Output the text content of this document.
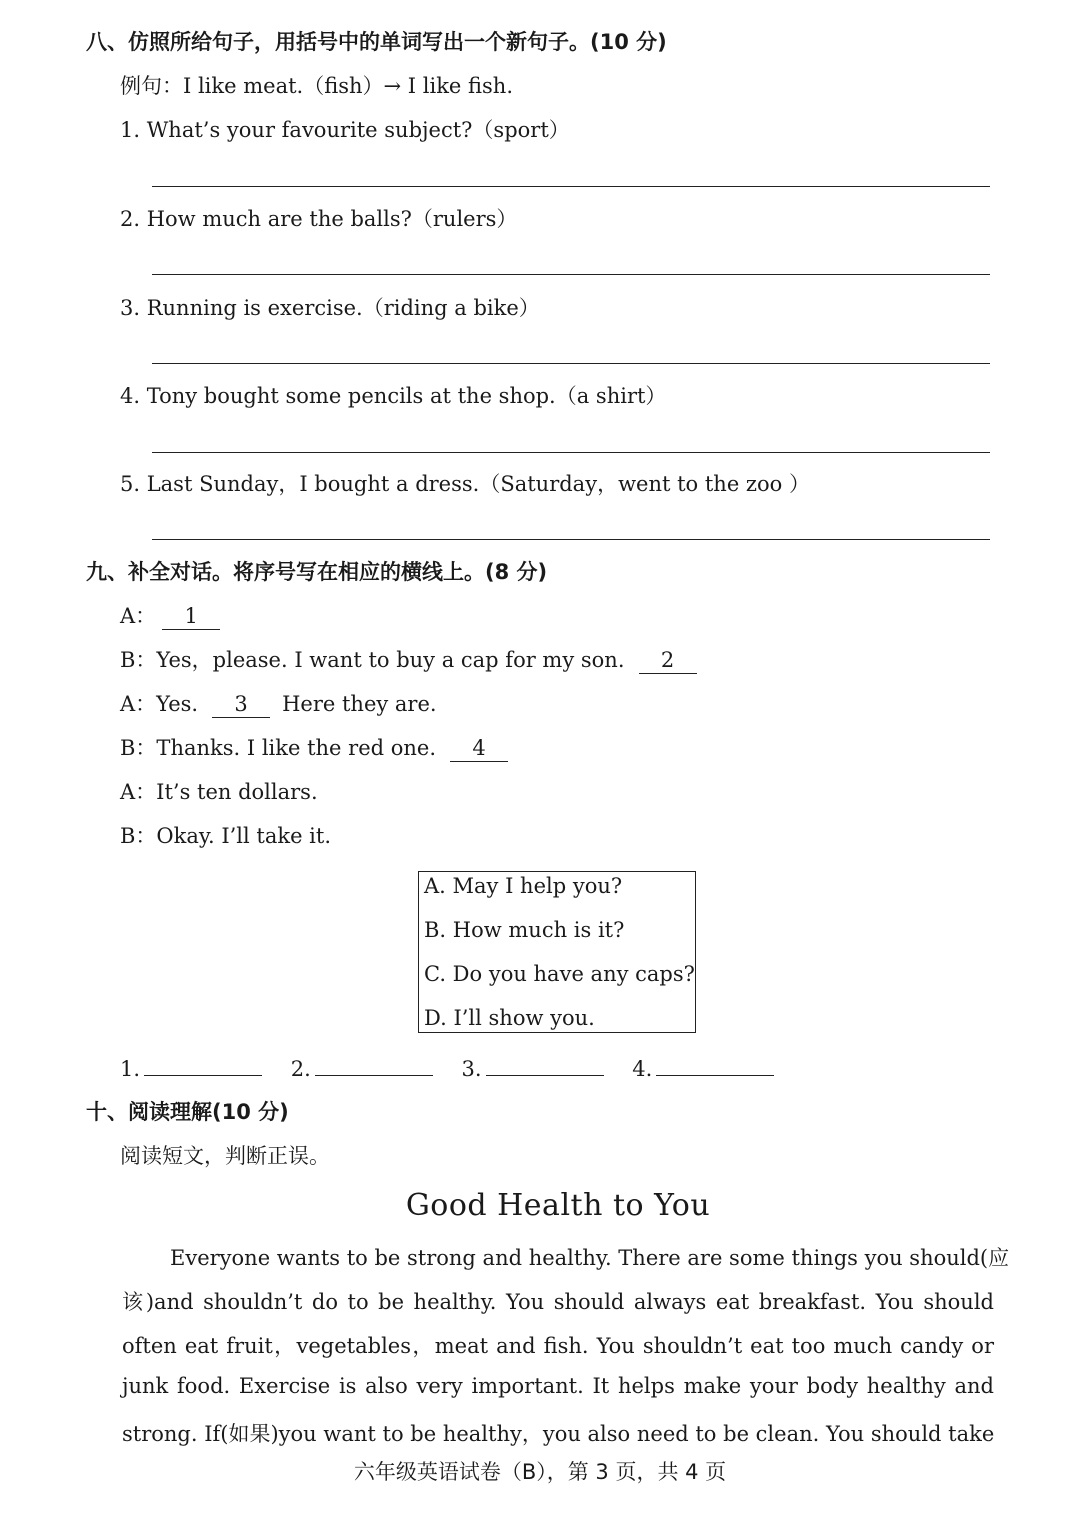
八、仿照所给句子，用括号中的单词写出一个新句子。(10 分)
例句：I like meat.（fish）→ I like fish.
1. What’s your favourite subject?（sport）
2. How much are the balls?（rulers）
3. Running is exercise.（riding a bike）
4. Tony bought some pencils at the shop.（a shirt）
5. Last Sunday，I bought a dress.（Saturday，went to the zoo ）
九、补全对话。将序号写在相应的横线上。(8 分)
A： 1
B：Yes，please. I want to buy a cap for my son. 2
A：Yes. 3 Here they are.
B：Thanks. I like the red one. 4
A：It’s ten dollars.
B：Okay. I’ll take it.
A. May I help you?
B. How much is it?
C. Do you have any caps?
D. I’ll show you.
1.	2.	3.	4.
十、阅读理解(10 分)
阅读短文，判断正误。
Good Health to You
Everyone wants to be strong and healthy. There are some things you should(应
该)and shouldn’t do to be healthy. You should always eat breakfast. You should
often eat fruit，vegetables，meat and fish. You shouldn’t eat too much candy or
junk food. Exercise is also very important. It helps make your body healthy and
strong. If(如果)you want to be healthy，you also need to be clean. You should take
六年级英语试卷（B），第 3 页，共 4 页
